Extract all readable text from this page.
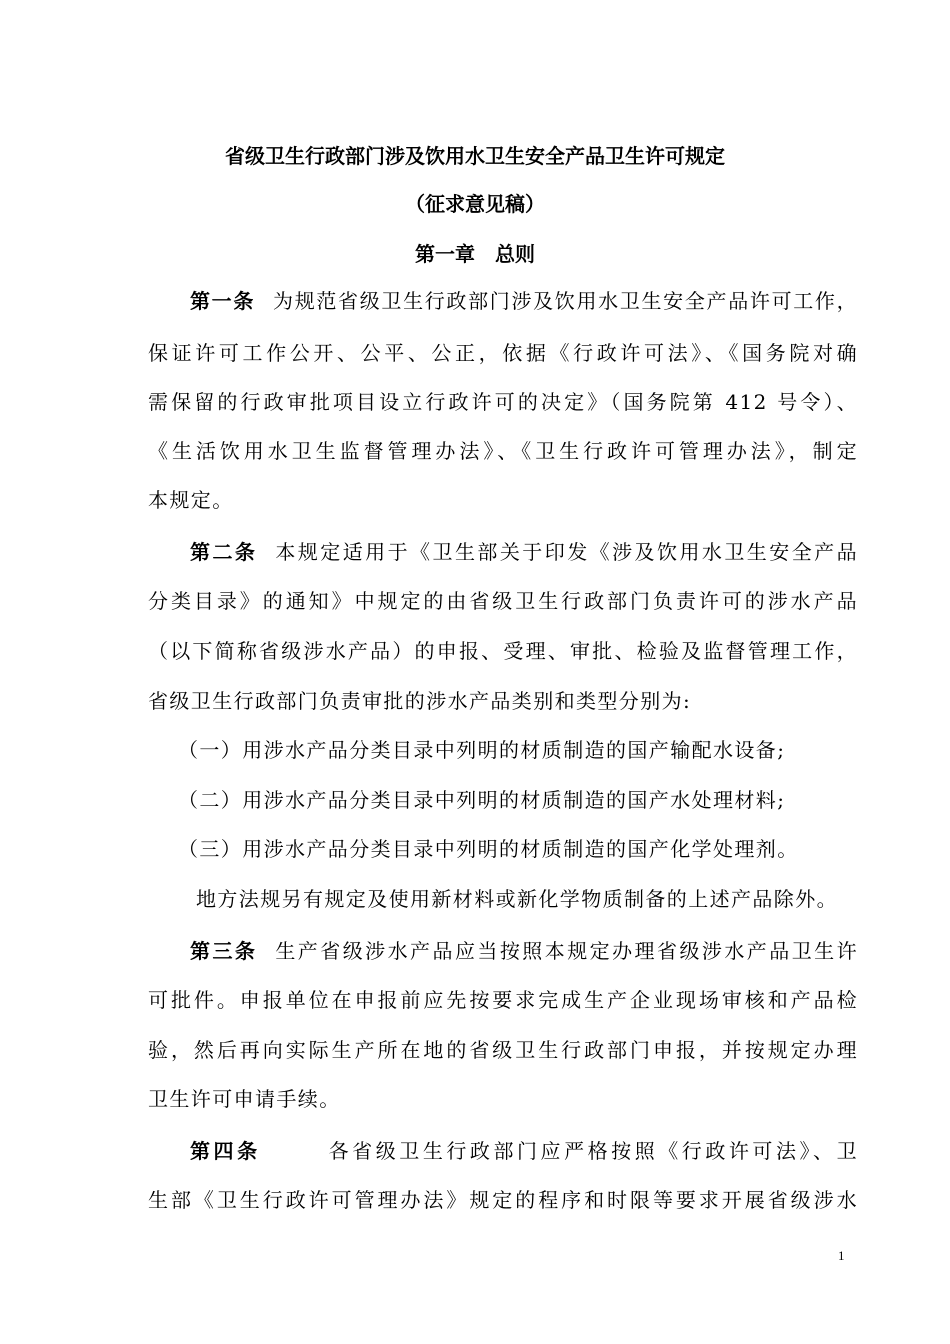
省级卫生行政部门涉及饮用水卫生安全产品卫生许可规定
（征求意见稿）
第一章　总则
第一条 为规范省级卫生行政部门涉及饮用水卫生安全产品许可工作，
保证许可工作公开、公平、公正，依据《行政许可法》、《国务院对确
需保留的行政审批项目设立行政许可的决定》（国务院第 412 号令）、
《生活饮用水卫生监督管理办法》、《卫生行政许可管理办法》，制定
本规定。
第二条 本规定适用于《卫生部关于印发《涉及饮用水卫生安全产品
分类目录》的通知》中规定的由省级卫生行政部门负责许可的涉水产品
（以下简称省级涉水产品）的申报、受理、审批、检验及监督管理工作，
省级卫生行政部门负责审批的涉水产品类别和类型分别为:
（一）用涉水产品分类目录中列明的材质制造的国产输配水设备;
（二）用涉水产品分类目录中列明的材质制造的国产水处理材料;
（三）用涉水产品分类目录中列明的材质制造的国产化学处理剂。
地方法规另有规定及使用新材料或新化学物质制备的上述产品除外。
第三条 生产省级涉水产品应当按照本规定办理省级涉水产品卫生许
可批件。申报单位在申报前应先按要求完成生产企业现场审核和产品检
验，然后再向实际生产所在地的省级卫生行政部门申报，并按规定办理
卫生许可申请手续。
第四条	各省级卫生行政部门应严格按照《行政许可法》、卫
生部《卫生行政许可管理办法》规定的程序和时限等要求开展省级涉水
1
